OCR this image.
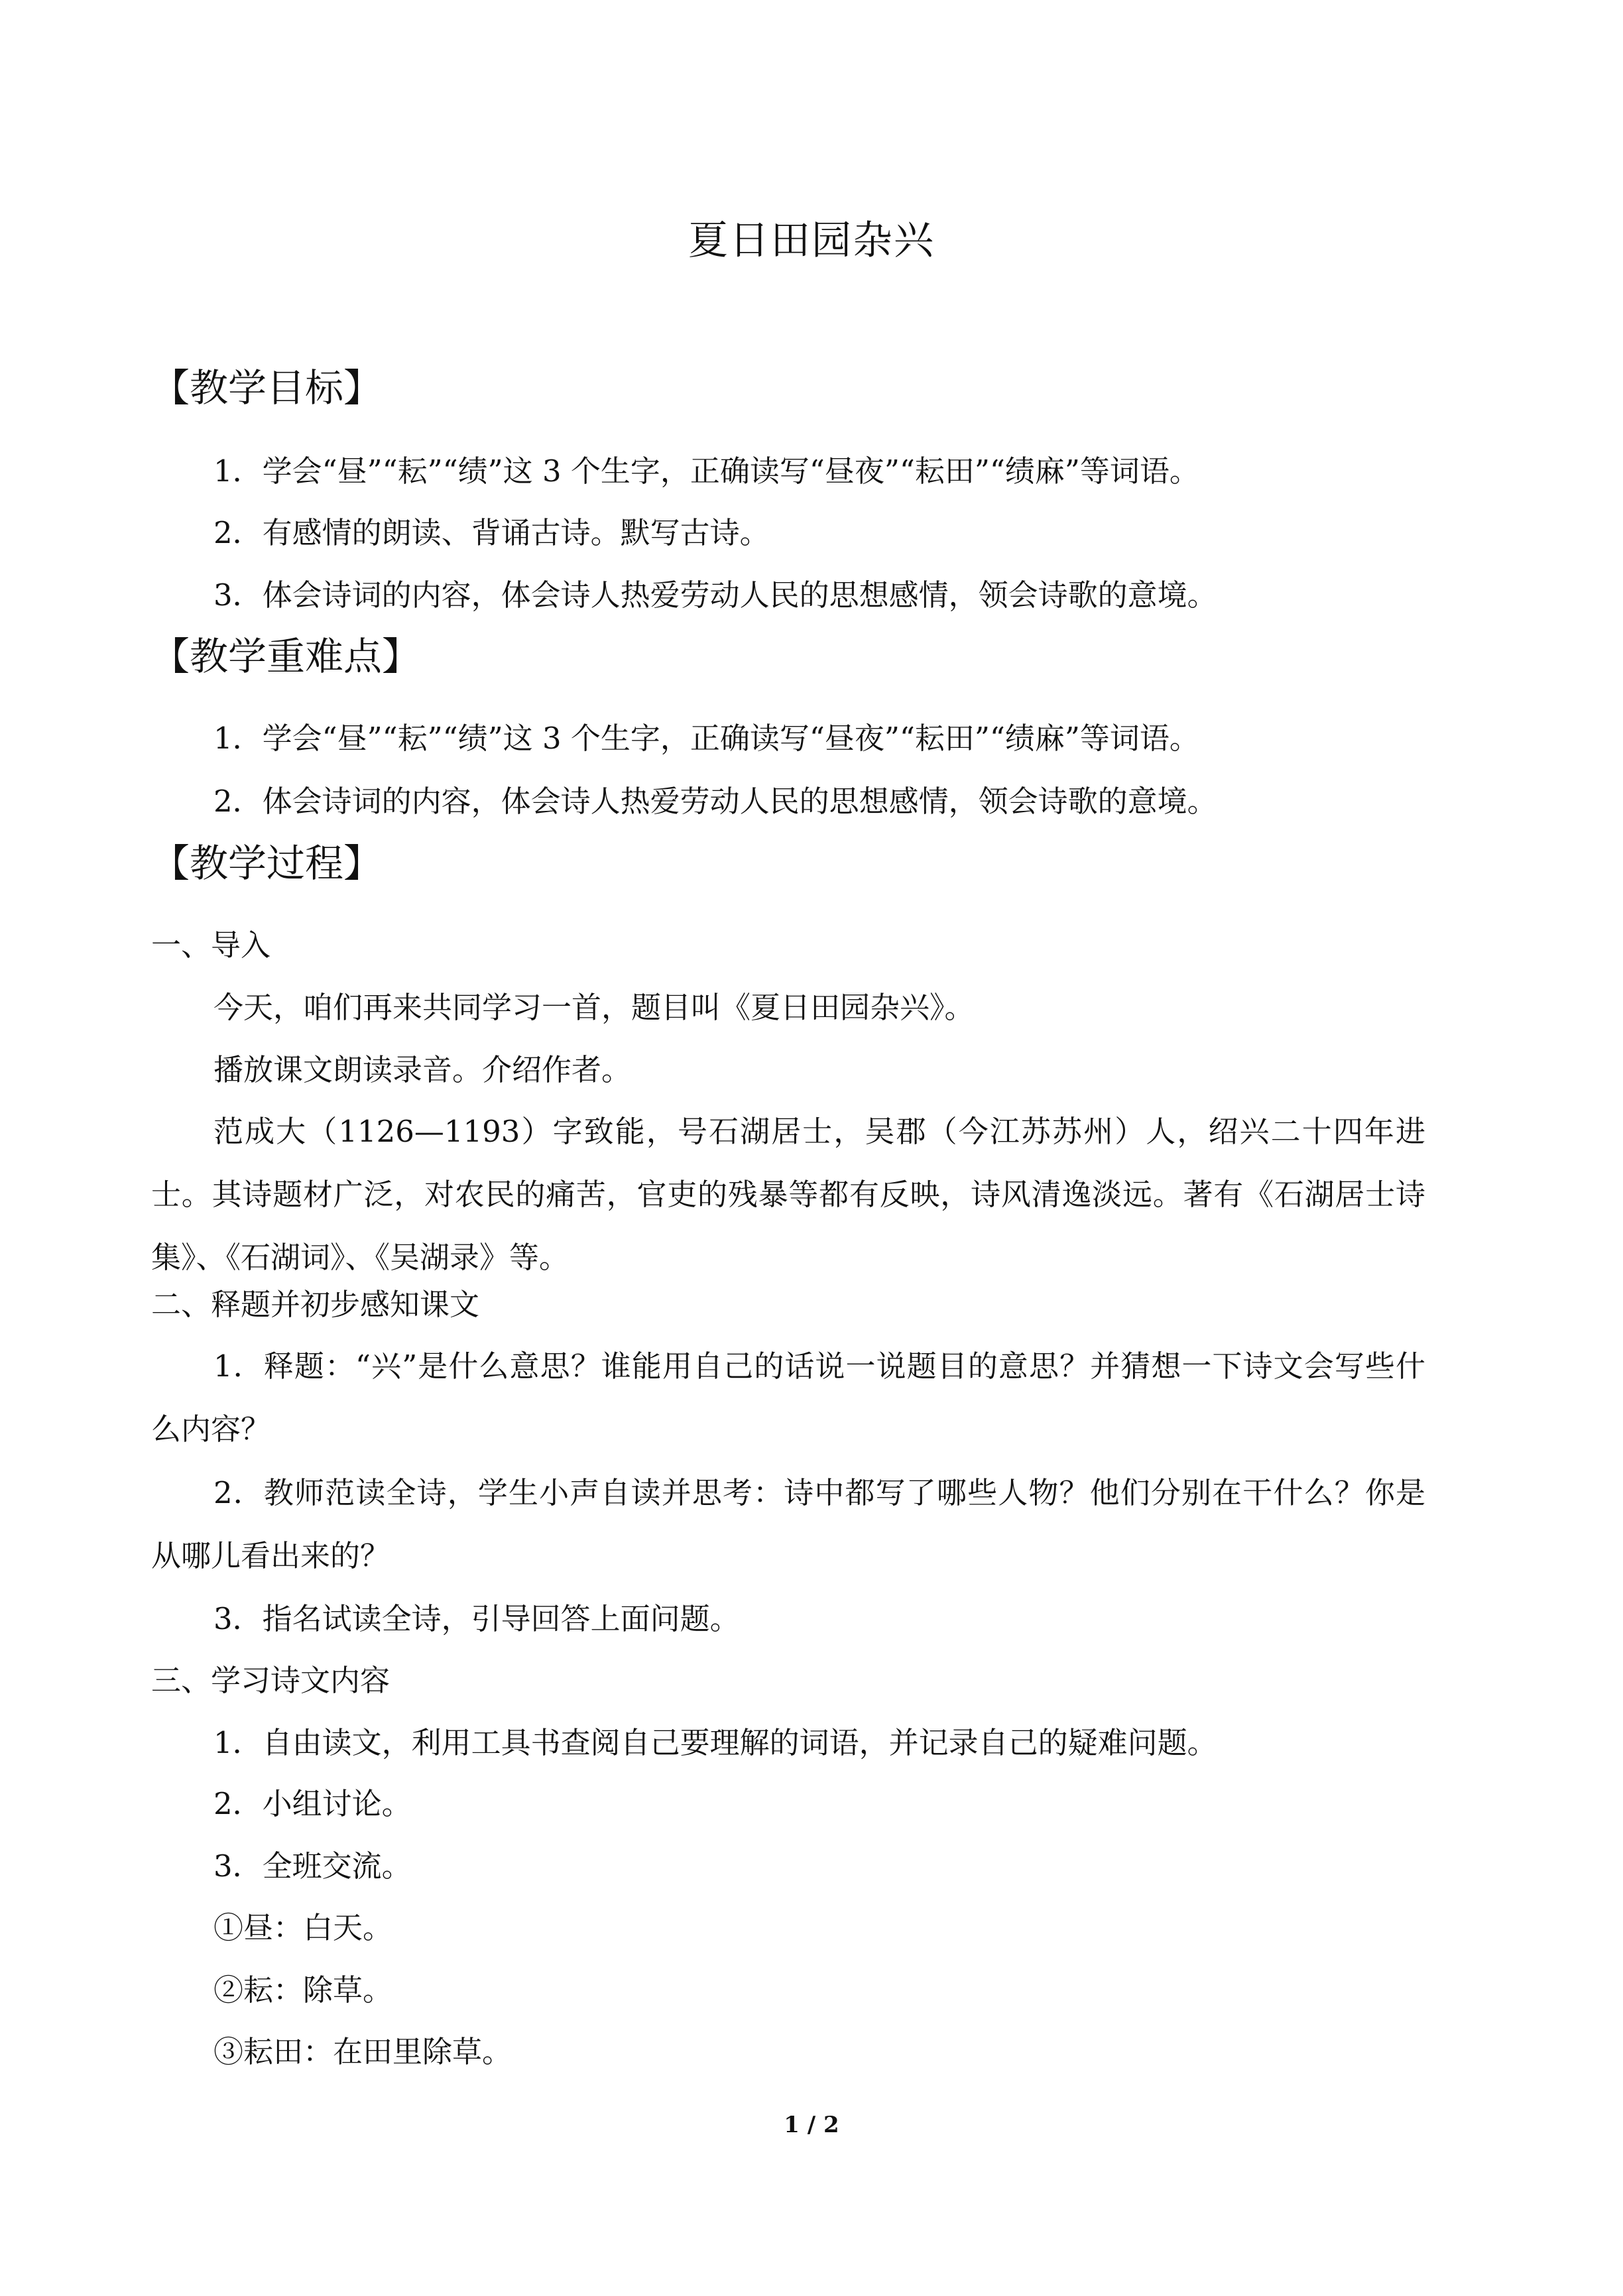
夏日田园杂兴
【教学目标】
1．学会“昼”“耘”“绩”这 3 个生字，正确读写“昼夜”“耘田”“绩麻”等词语。
2．有感情的朗读、背诵古诗。默写古诗。
3．体会诗词的内容，体会诗人热爱劳动人民的思想感情，领会诗歌的意境。
【教学重难点】
1．学会“昼”“耘”“绩”这 3 个生字，正确读写“昼夜”“耘田”“绩麻”等词语。
2．体会诗词的内容，体会诗人热爱劳动人民的思想感情，领会诗歌的意境。
【教学过程】
一、导入
今天，咱们再来共同学习一首，题目叫《夏日田园杂兴》。
播放课文朗读录音。介绍作者。
范成大（1126—1193）字致能，号石湖居士，吴郡（今江苏苏州）人，绍兴二十四年进士。其诗题材广泛，对农民的痛苦，官吏的残暴等都有反映，诗风清逸淡远。著有《石湖居士诗集》、《石湖词》、《吴湖录》等。
二、释题并初步感知课文
1．释题：“兴”是什么意思？谁能用自己的话说一说题目的意思？并猜想一下诗文会写些什么内容？
2．教师范读全诗，学生小声自读并思考：诗中都写了哪些人物？他们分别在干什么？你是从哪儿看出来的？
3．指名试读全诗，引导回答上面问题。
三、学习诗文内容
1．自由读文，利用工具书查阅自己要理解的词语，并记录自己的疑难问题。
2．小组讨论。
3．全班交流。
①昼：白天。
②耘：除草。
③耘田：在田里除草。
1 / 2
